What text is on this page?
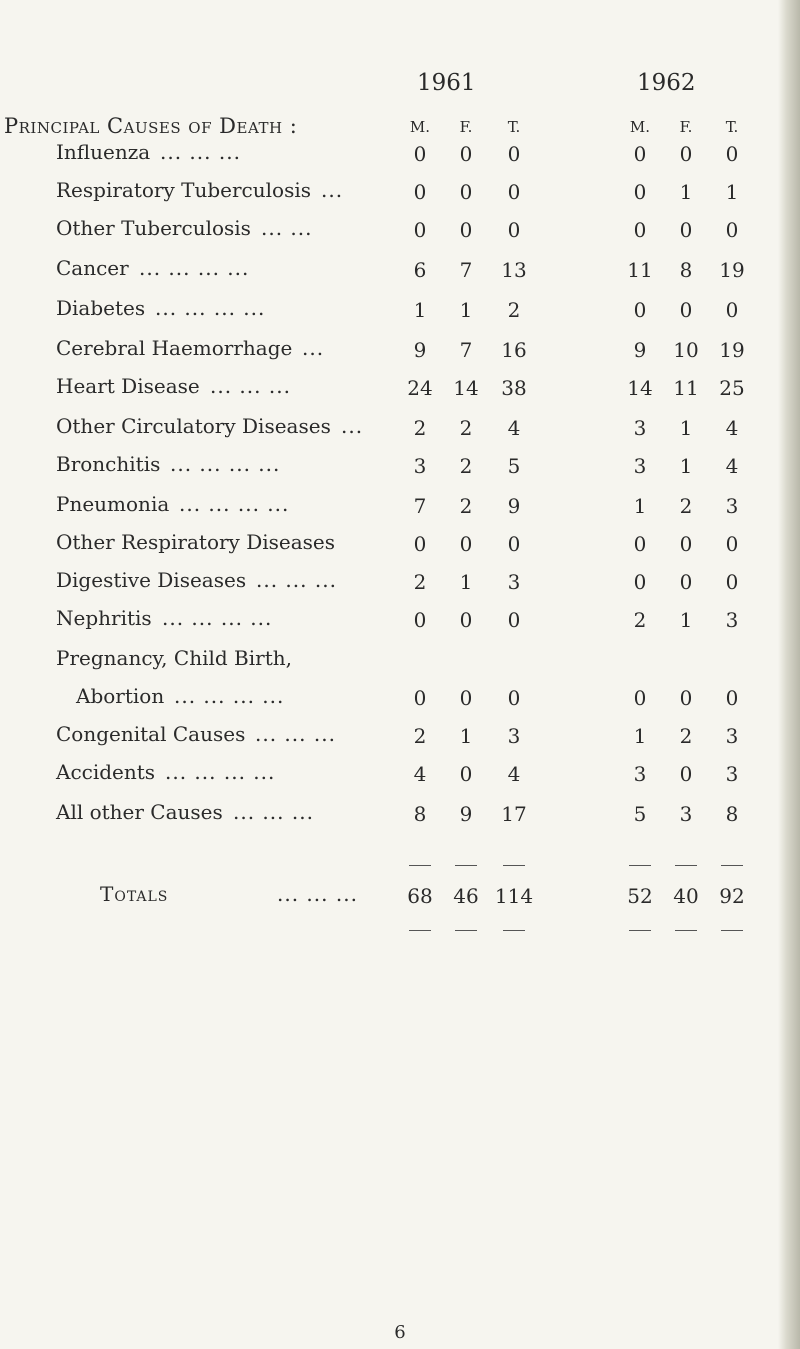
1961	1962
Principal Causes of Death :	M.	F.	T.	M.	F.	T.
Influenza ... ... ...	0	0	0	0	0	0
Respiratory Tuberculosis ...	0	0	0	0	1	1
Other Tuberculosis ... ...	0	0	0	0	0	0
Cancer ... ... ... ...	6	7	13	11	8	19
Diabetes ... ... ... ...	1	1	2	0	0	0
Cerebral Haemorrhage ...	9	7	16	9	10	19
Heart Disease ... ... ...	24	14	38	14	11	25
Other Circulatory Diseases ...	2	2	4	3	1	4
Bronchitis ... ... ... ...	3	2	5	3	1	4
Pneumonia ... ... ... ...	7	2	9	1	2	3
Other Respiratory Diseases	0	0	0	0	0	0
Digestive Diseases ... ... ...	2	1	3	0	0	0
Nephritis ... ... ... ...	0	0	0	2	1	3
Pregnancy, Child Birth,
Abortion ... ... ... ...	0	0	0	0	0	0
Congenital Causes ... ... ...	2	1	3	1	2	3
Accidents ... ... ... ...	4	0	4	3	0	3
All other Causes ... ... ...	8	9	17	5	3	8
Totals	... ... ...	68	46 114	52	40	92
6
